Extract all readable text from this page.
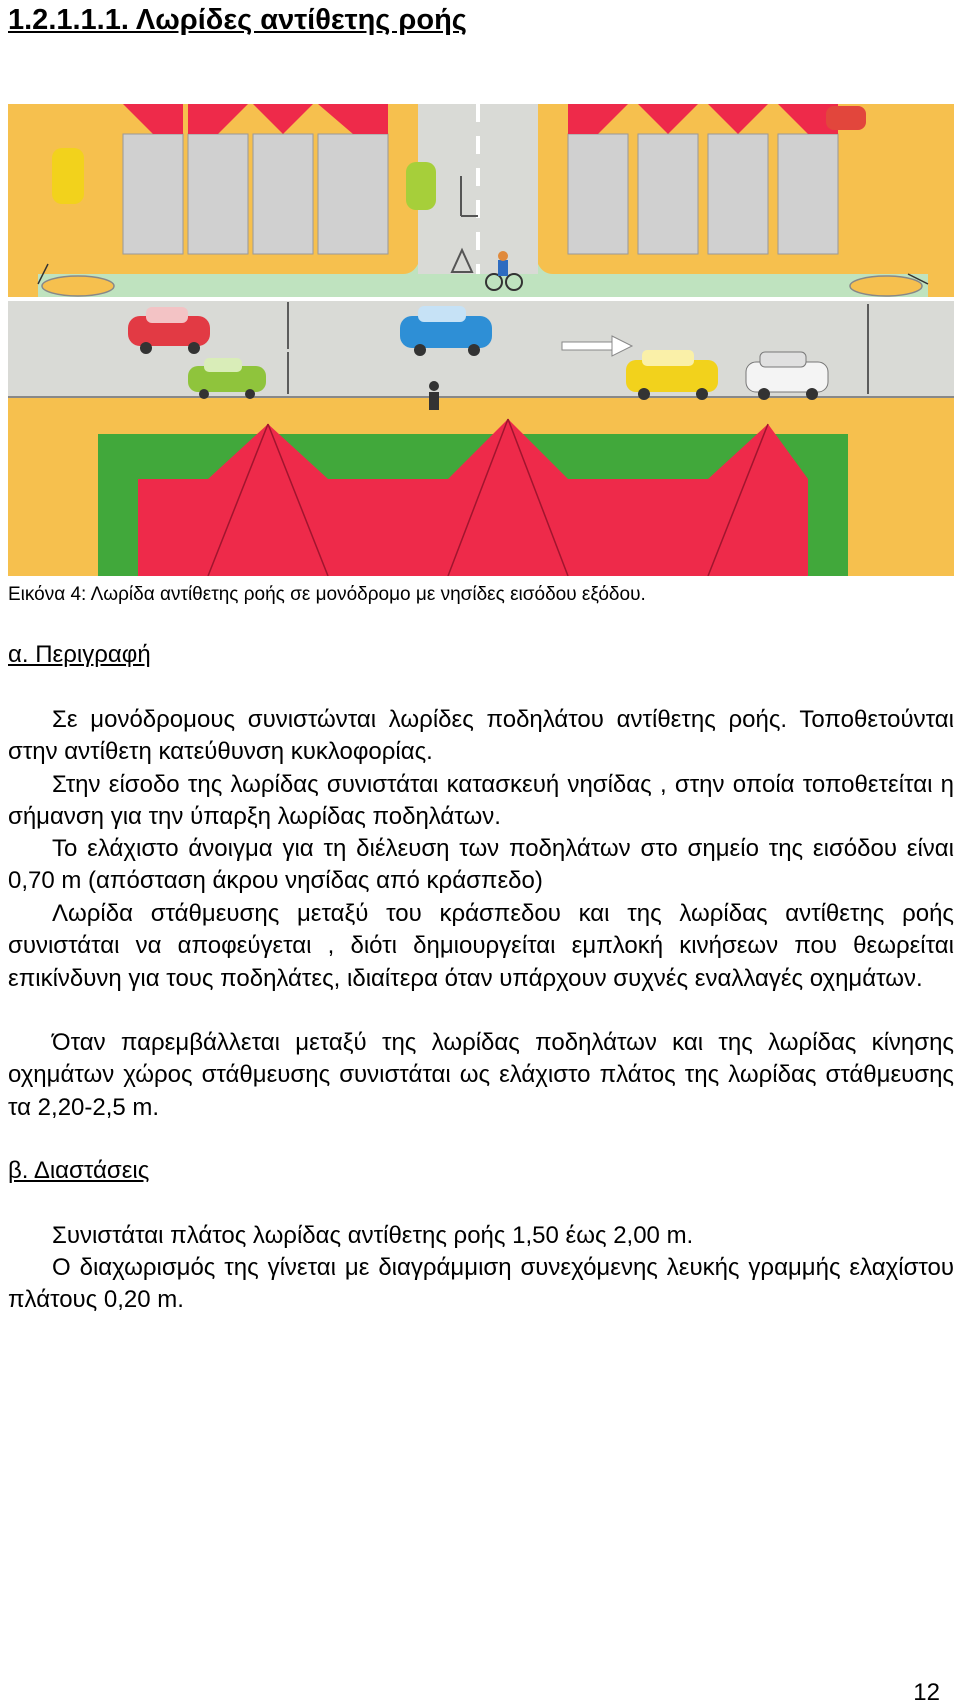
1.2.1.1.1. Λωρίδες αντίθετης ροής
Εικόνα 4: Λωρίδα αντίθετης ροής σε μονόδρομο με νησίδες εισόδου εξόδου.
α. Περιγραφή

Σε μονόδρομους συνιστώνται λωρίδες ποδηλάτου αντίθετης ροής. Τοποθετούνται στην αντίθετη κατεύθυνση κυκλοφορίας.

Στην είσοδο της λωρίδας συνιστάται κατασκευή νησίδας , στην οποία τοποθετείται η σήμανση για την ύπαρξη λωρίδας ποδηλάτων.

Το ελάχιστο άνοιγμα για τη διέλευση των ποδηλάτων στο σημείο της εισόδου είναι 0,70 m (απόσταση άκρου νησίδας από κράσπεδο)

Λωρίδα στάθμευσης μεταξύ του κράσπεδου και της λωρίδας αντίθετης ροής συνιστάται να αποφεύγεται , διότι δημιουργείται εμπλοκή κινήσεων που θεωρείται επικίνδυνη για τους ποδηλάτες, ιδιαίτερα όταν υπάρχουν συχνές εναλλαγές οχημάτων.

Όταν παρεμβάλλεται μεταξύ της λωρίδας ποδηλάτων και της λωρίδας κίνησης οχημάτων χώρος στάθμευσης συνιστάται ως ελάχιστο πλάτος της λωρίδας στάθμευσης τα 2,20-2,5 m.

β. Διαστάσεις

Συνιστάται πλάτος λωρίδας αντίθετης ροής 1,50 έως 2,00 m.

Ο διαχωρισμός της γίνεται με διαγράμμιση συνεχόμενης λευκής γραμμής ελαχίστου πλάτους 0,20 m.

12
